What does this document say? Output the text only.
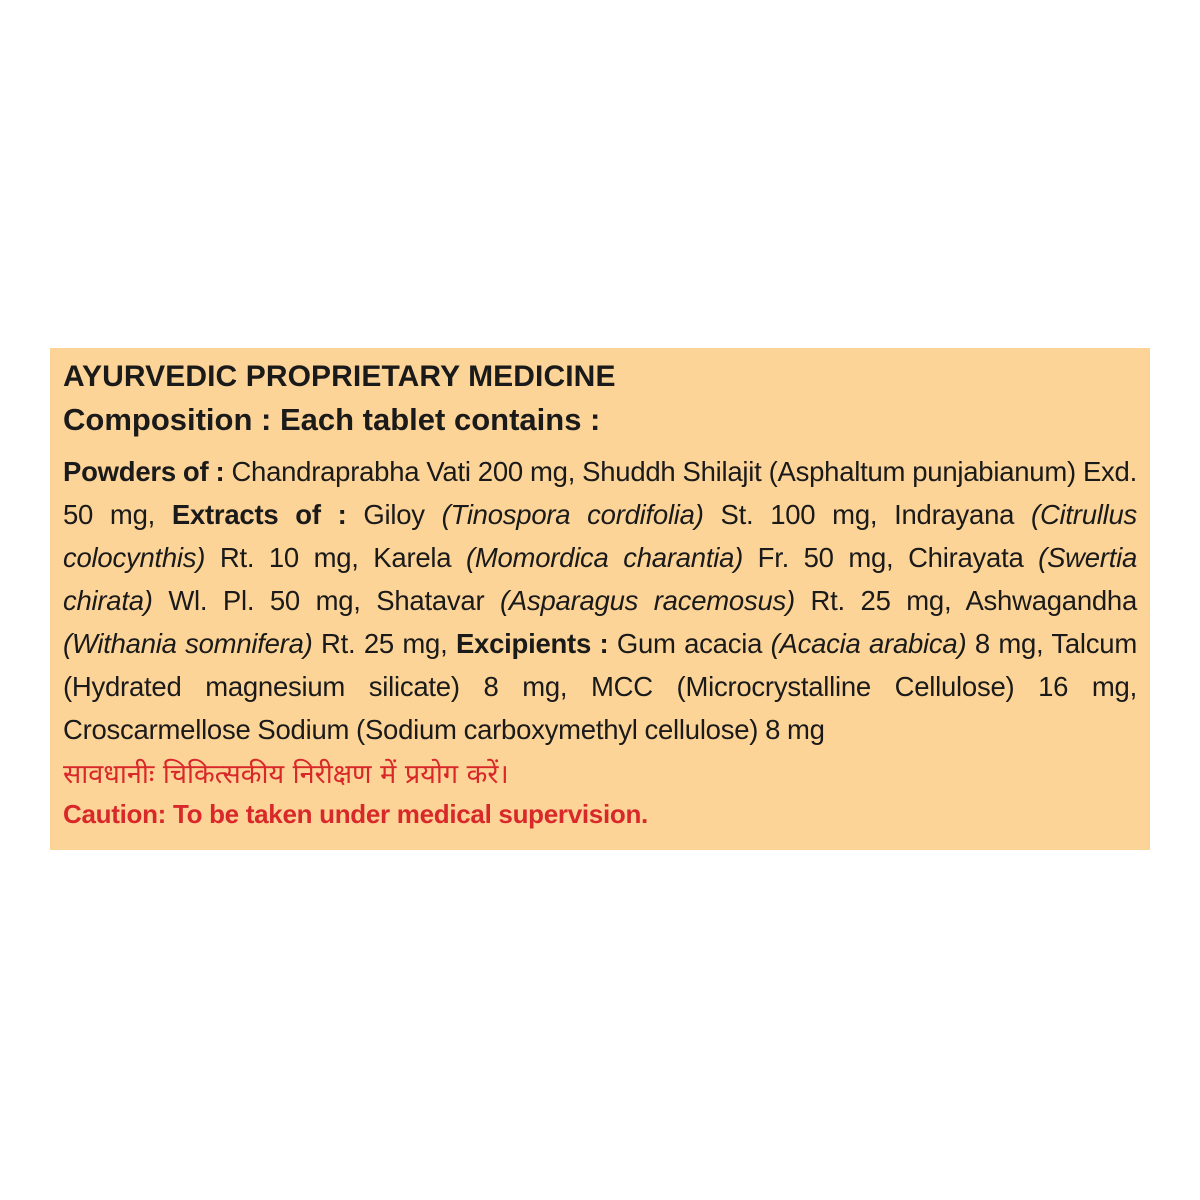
AYURVEDIC PROPRIETARY MEDICINE

Composition : Each tablet contains :

Powders of : Chandraprabha Vati 200 mg, Shuddh Shilajit (Asphaltum punjabianum) Exd. 50 mg, Extracts of : Giloy (Tinospora cordifolia) St. 100 mg, Indrayana (Citrullus colocynthis) Rt. 10 mg, Karela (Momordica charantia) Fr. 50 mg, Chirayata (Swertia chirata) Wl. Pl. 50 mg, Shatavar (Asparagus racemosus) Rt. 25 mg, Ashwagandha (Withania somnifera) Rt. 25 mg, Excipients : Gum acacia (Acacia arabica) 8 mg, Talcum (Hydrated magnesium silicate) 8 mg, MCC (Microcrystalline Cellulose) 16 mg, Croscarmellose Sodium (Sodium carboxymethyl cellulose) 8 mg

सावधानीः चिकित्सकीय निरीक्षण में प्रयोग करें।

Caution: To be taken under medical supervision.
